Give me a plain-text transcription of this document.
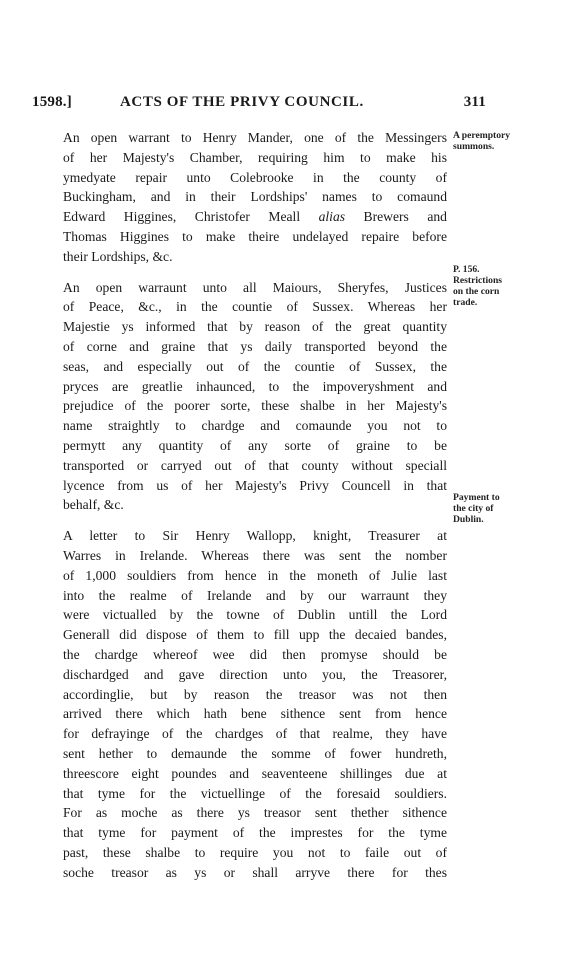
1598.]	ACTS OF THE PRIVY COUNCIL.	311

An open warrant to Henry Mander, one of the Messingers
of her Majesty's Chamber, requiring him to make his
ymedyate repair unto Colebrooke in the county of
Buckingham, and in their Lordships' names to comaund
Edward Higgines, Christofer Meall alias Brewers and
Thomas Higgines to make theire undelayed repaire before
their Lordships, &c.

An open warraunt unto all Maiours, Sheryfes, Justices
of Peace, &c., in the countie of Sussex. Whereas her
Majestie ys informed that by reason of the great quantity
of corne and graine that ys daily transported beyond the
seas, and especially out of the countie of Sussex, the
pryces are greatlie inhaunced, to the impoveryshment and
prejudice of the poorer sorte, these shalbe in her Majesty's
name straightly to chardge and comaunde you not to
permytt any quantity of any sorte of graine to be
transported or carryed out of that county without speciall
lycence from us of her Majesty's Privy Councell in that
behalf, &c.

A letter to Sir Henry Wallopp, knight, Treasurer at
Warres in Irelande. Whereas there was sent the nomber
of 1,000 souldiers from hence in the moneth of Julie last
into the realme of Irelande and by our warraunt they
were victualled by the towne of Dublin untill the Lord
Generall did dispose of them to fill upp the decaied bandes,
the chardge whereof wee did then promyse should be
dischardged and gave direction unto you, the Treasorer,
accordinglie, but by reason the treasor was not then
arrived there which hath bene sithence sent from hence
for defrayinge of the chardges of that realme, they have
sent hether to demaunde the somme of fower hundreth,
threescore eight poundes and seaventeene shillinges due at
that tyme for the victuellinge of the foresaid souldiers.
For as moche as there ys treasor sent thether sithence
that tyme for payment of the imprestes for the tyme
past, these shalbe to require you not to faile out of
soche treasor as ys or shall arryve there for thes

A peremptory
summons.
P. 156.
Restrictions
on the corn
trade.
Payment to
the city of
Dublin.
